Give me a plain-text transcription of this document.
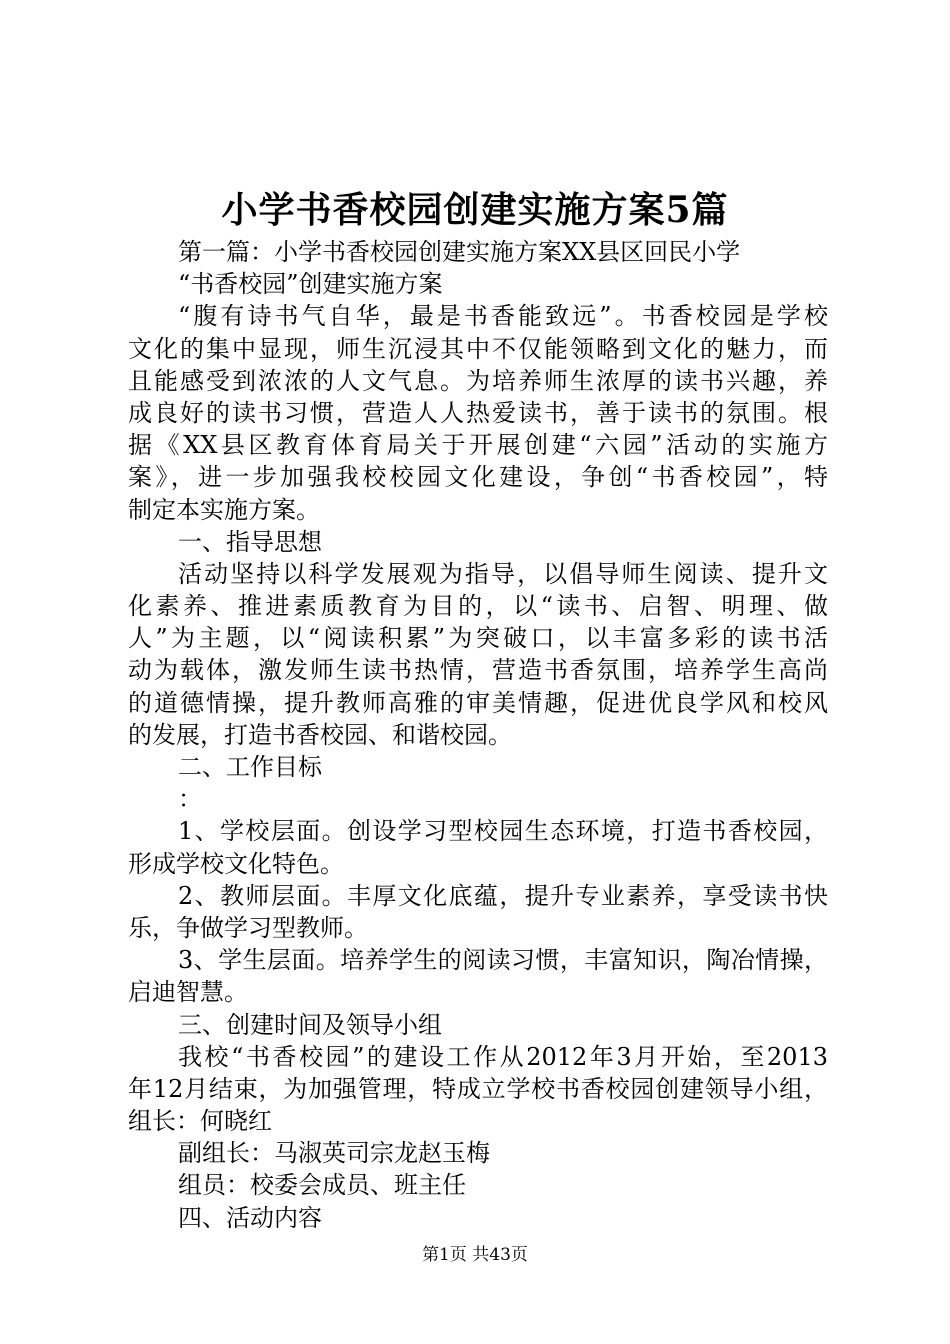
小学书香校园创建实施方案5篇
第一篇：小学书香校园创建实施方案XX县区回民小学
“书香校园”创建实施方案
“腹有诗书气自华，最是书香能致远”。书香校园是学校
文化的集中显现，师生沉浸其中不仅能领略到文化的魅力，而
且能感受到浓浓的人文气息。为培养师生浓厚的读书兴趣，养
成良好的读书习惯，营造人人热爱读书，善于读书的氛围。根
据《XX县区教育体育局关于开展创建“六园”活动的实施方
案》，进一步加强我校校园文化建设，争创“书香校园”，特
制定本实施方案。
一、指导思想
活动坚持以科学发展观为指导，以倡导师生阅读、提升文
化素养、推进素质教育为目的，以“读书、启智、明理、做
人”为主题，以“阅读积累”为突破口，以丰富多彩的读书活
动为载体，激发师生读书热情，营造书香氛围，培养学生高尚
的道德情操，提升教师高雅的审美情趣，促进优良学风和校风
的发展，打造书香校园、和谐校园。
二、工作目标
：
1、学校层面。创设学习型校园生态环境，打造书香校园，
形成学校文化特色。
2、教师层面。丰厚文化底蕴，提升专业素养，享受读书快
乐，争做学习型教师。
3、学生层面。培养学生的阅读习惯，丰富知识，陶冶情操，
启迪智慧。
三、创建时间及领导小组
我校“书香校园”的建设工作从2012年3月开始，至2013
年12月结束，为加强管理，特成立学校书香校园创建领导小组，
组长：何晓红
副组长：马淑英司宗龙赵玉梅
组员：校委会成员、班主任
四、活动内容
第1页 共43页
